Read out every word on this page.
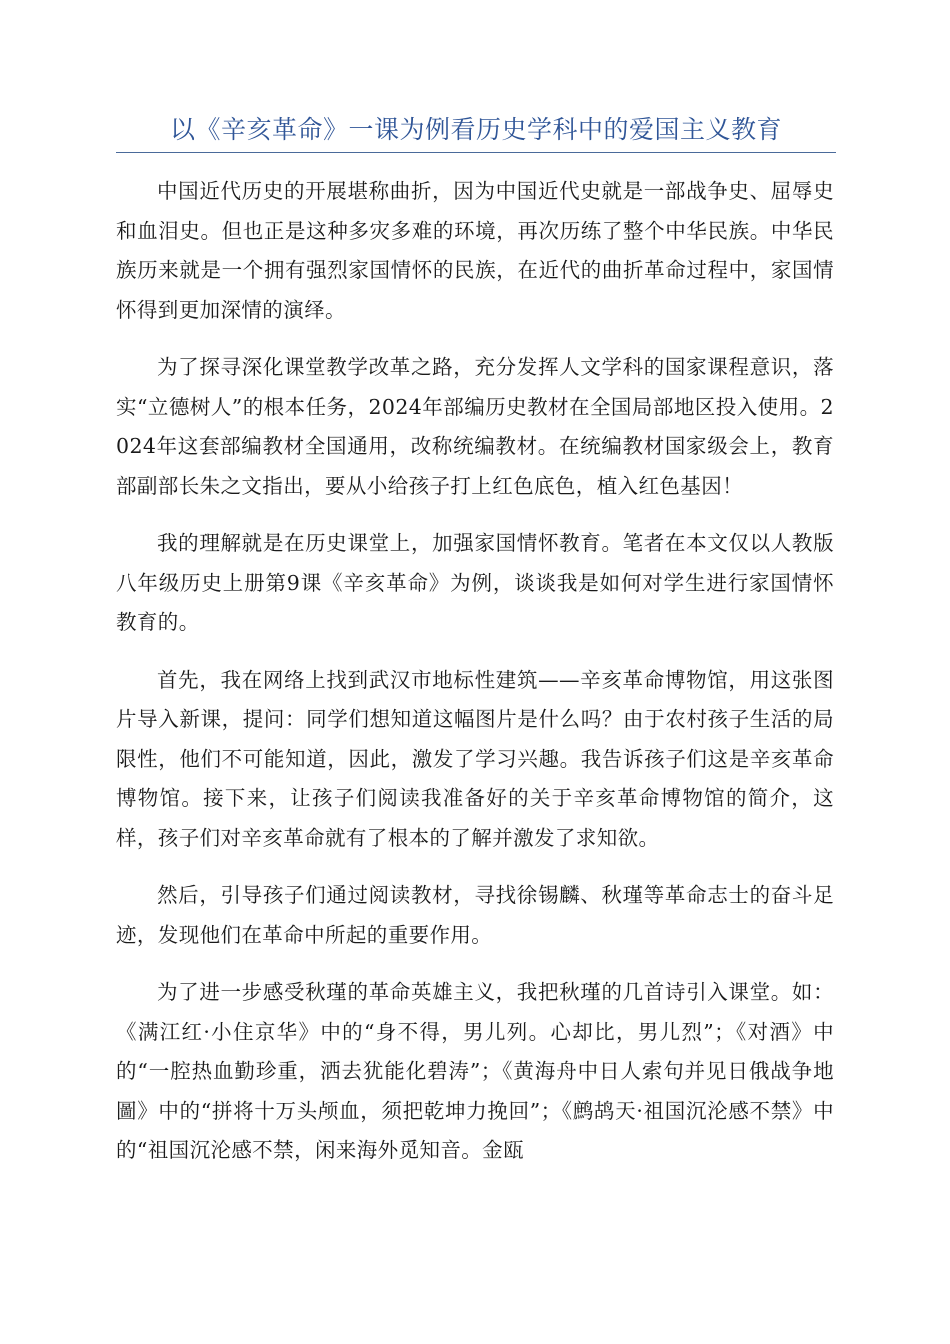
以《辛亥革命》一课为例看历史学科中的爱国主义教育

中国近代历史的开展堪称曲折，因为中国近代史就是一部战争史、屈辱史和血泪史。但也正是这种多灾多难的环境，再次历练了整个中华民族。中华民族历来就是一个拥有强烈家国情怀的民族，在近代的曲折革命过程中，家国情怀得到更加深情的演绎。

为了探寻深化课堂教学改革之路，充分发挥人文学科的国家课程意识，落实“立德树人”的根本任务，2024年部编历史教材在全国局部地区投入使用。2024年这套部编教材全国通用，改称统编教材。在统编教材国家级会上，教育部副部长朱之文指出，要从小给孩子打上红色底色，植入红色基因！

我的理解就是在历史课堂上，加强家国情怀教育。笔者在本文仅以人教版八年级历史上册第9课《辛亥革命》为例，谈谈我是如何对学生进行家国情怀教育的。

首先，我在网络上找到武汉市地标性建筑——辛亥革命博物馆，用这张图片导入新课，提问：同学们想知道这幅图片是什么吗？由于农村孩子生活的局限性，他们不可能知道，因此，激发了学习兴趣。我告诉孩子们这是辛亥革命博物馆。接下来，让孩子们阅读我准备好的关于辛亥革命博物馆的简介，这样，孩子们对辛亥革命就有了根本的了解并激发了求知欲。

然后，引导孩子们通过阅读教材，寻找徐锡麟、秋瑾等革命志士的奋斗足迹，发现他们在革命中所起的重要作用。

为了进一步感受秋瑾的革命英雄主义，我把秋瑾的几首诗引入课堂。如：《满江红·小住京华》中的“身不得，男儿列。心却比，男儿烈”；《对酒》中的“一腔热血勤珍重，洒去犹能化碧涛”；《黄海舟中日人索句并见日俄战争地圖》中的“拼将十万头颅血，须把乾坤力挽回”；《鹧鸪天·祖国沉沦感不禁》中的“祖国沉沦感不禁，闲来海外觅知音。金瓯
